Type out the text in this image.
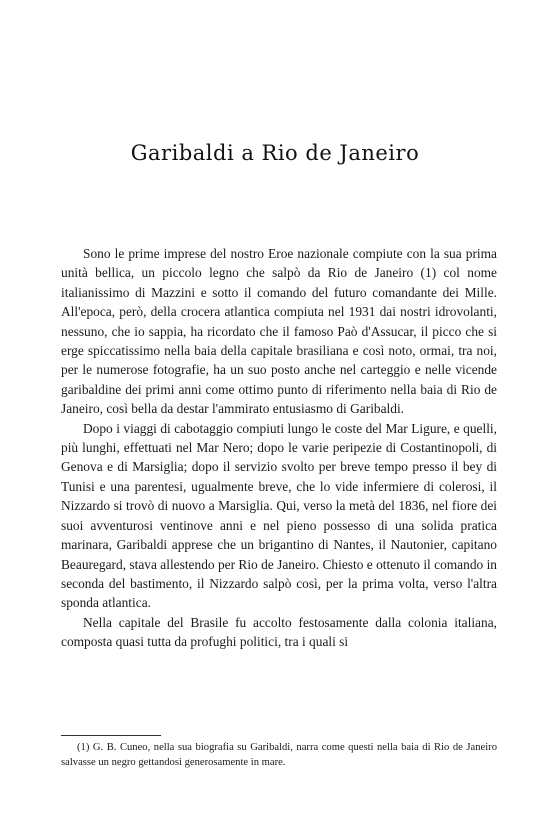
Garibaldi a Rio de Janeiro

Sono le prime imprese del nostro Eroe nazionale compiute con la sua prima unità bellica, un piccolo legno che salpò da Rio de Janeiro (1) col nome italianissimo di Mazzini e sotto il comando del futuro comandante dei Mille. All'epoca, però, della crocera atlantica compiuta nel 1931 dai nostri idrovolanti, nessuno, che io sappia, ha ricordato che il famoso Paò d'Assucar, il picco che si erge spiccatissimo nella baia della capitale brasiliana e così noto, ormai, tra noi, per le numerose fotografie, ha un suo posto anche nel carteggio e nelle vicende garibaldine dei primi anni come ottimo punto di riferimento nella baia di Rio de Janeiro, così bella da destar l'ammirato entusiasmo di Garibaldi.

Dopo i viaggi di cabotaggio compiuti lungo le coste del Mar Ligure, e quelli, più lunghi, effettuati nel Mar Nero; dopo le varie peripezie di Costantinopoli, di Genova e di Marsiglia; dopo il servizio svolto per breve tempo presso il bey di Tunisi e una parentesi, ugualmente breve, che lo vide infermiere di colerosi, il Nizzardo si trovò di nuovo a Marsiglia. Qui, verso la metà del 1836, nel fiore dei suoi avventurosi ventinove anni e nel pieno possesso di una solida pratica marinara, Garibaldi apprese che un brigantino di Nantes, il Nautonier, capitano Beauregard, stava allestendo per Rio de Janeiro. Chiesto e ottenuto il comando in seconda del bastimento, il Nizzardo salpò così, per la prima volta, verso l'altra sponda atlantica.

Nella capitale del Brasile fu accolto festosamente dalla colonia italiana, composta quasi tutta da profughi politici, tra i quali si

(1) G. B. Cuneo, nella sua biografia su Garibaldi, narra come questi nella baia di Rio de Janeiro salvasse un negro gettandosi generosamente in mare.
